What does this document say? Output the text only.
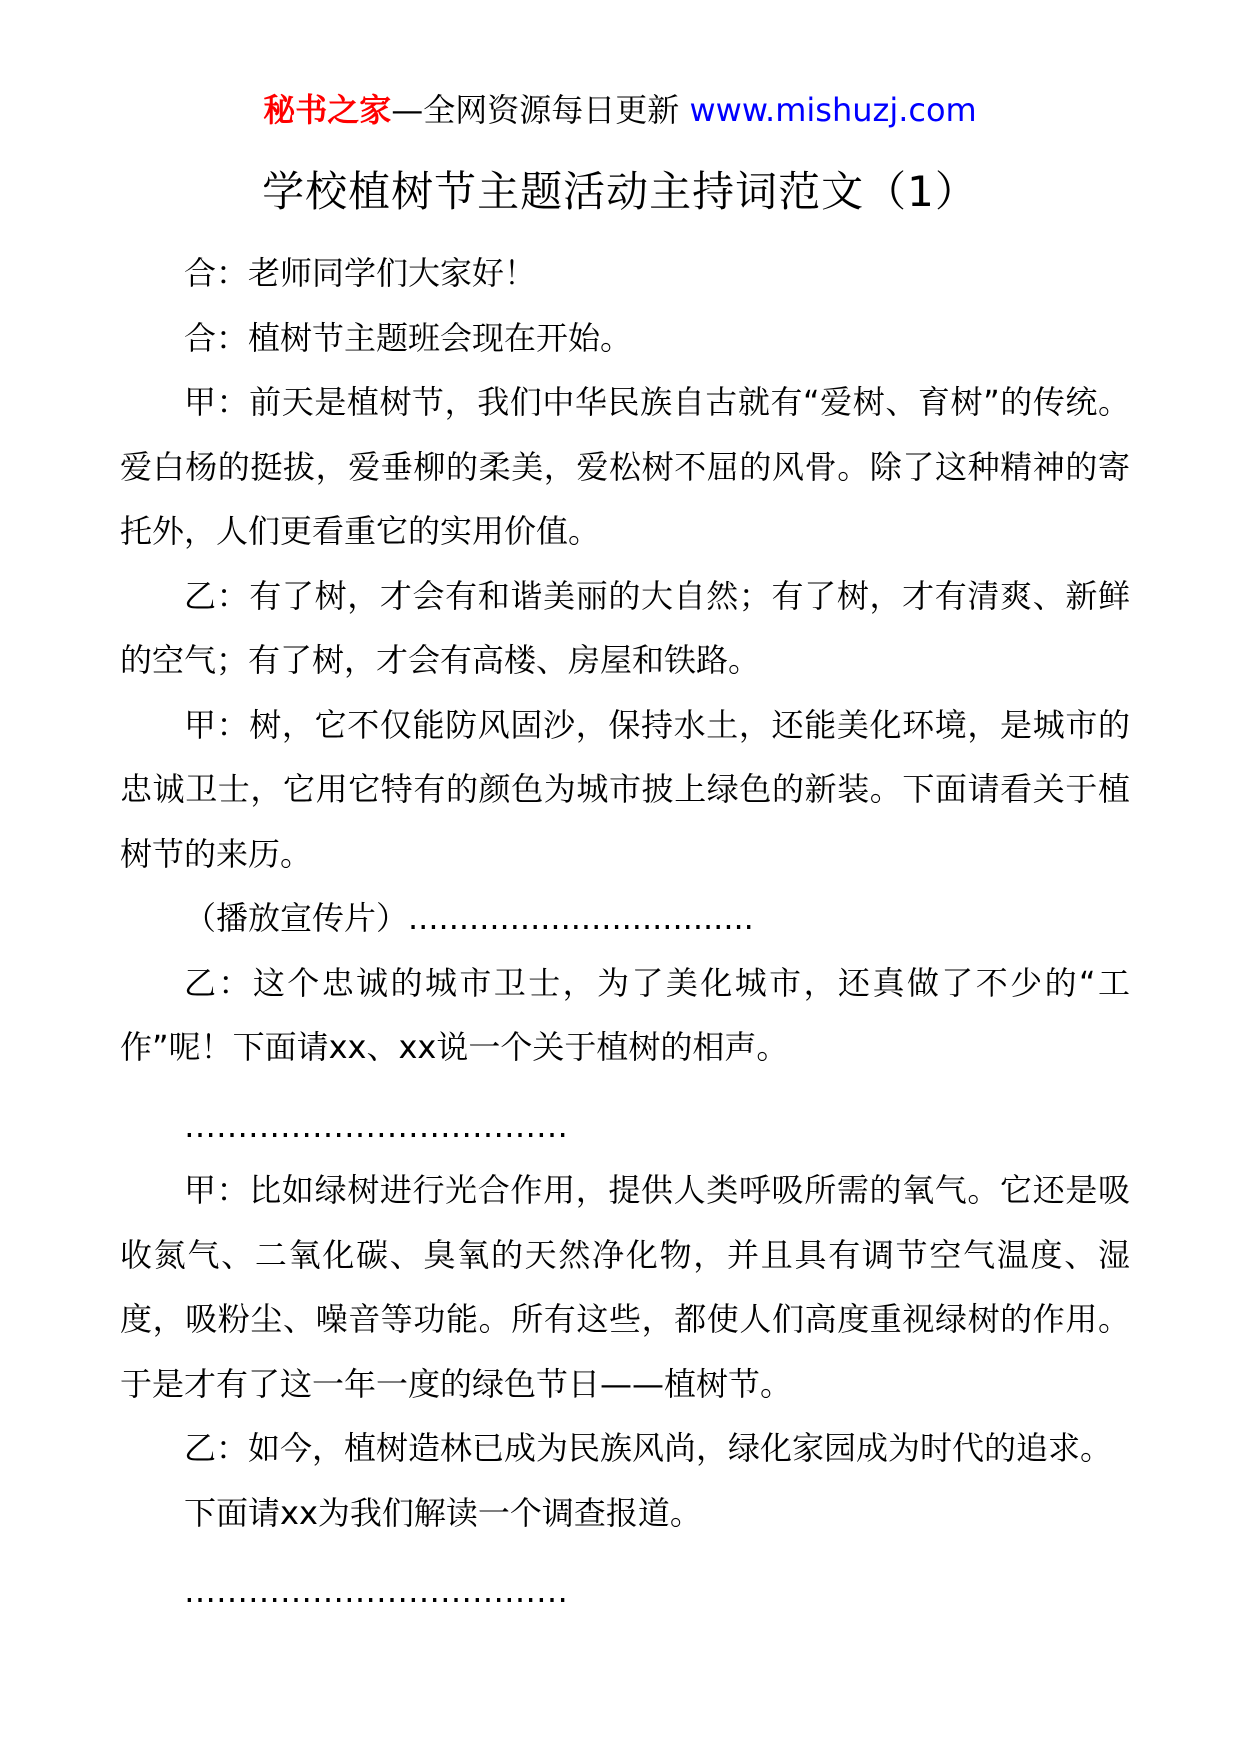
秘书之家—全网资源每日更新 www.mishuzj.com
学校植树节主题活动主持词范文（1）

合：老师同学们大家好！

合：植树节主题班会现在开始。

甲：前天是植树节，我们中华民族自古就有“爱树、育树”的传统。爱白杨的挺拔，爱垂柳的柔美，爱松树不屈的风骨。除了这种精神的寄托外，人们更看重它的实用价值。

乙：有了树，才会有和谐美丽的大自然；有了树，才有清爽、新鲜的空气；有了树，才会有高楼、房屋和铁路。

甲：树，它不仅能防风固沙，保持水土，还能美化环境，是城市的忠诚卫士，它用它特有的颜色为城市披上绿色的新装。下面请看关于植树节的来历。

（播放宣传片）..................................

乙：这个忠诚的城市卫士，为了美化城市，还真做了不少的“工作”呢！下面请xx、xx说一个关于植树的相声。

………………………………

甲：比如绿树进行光合作用，提供人类呼吸所需的氧气。它还是吸收氮气、二氧化碳、臭氧的天然净化物，并且具有调节空气温度、湿度，吸粉尘、噪音等功能。所有这些，都使人们高度重视绿树的作用。于是才有了这一年一度的绿色节日——植树节。

乙：如今，植树造林已成为民族风尚，绿化家园成为时代的追求。

下面请xx为我们解读一个调查报道。

………………………………
